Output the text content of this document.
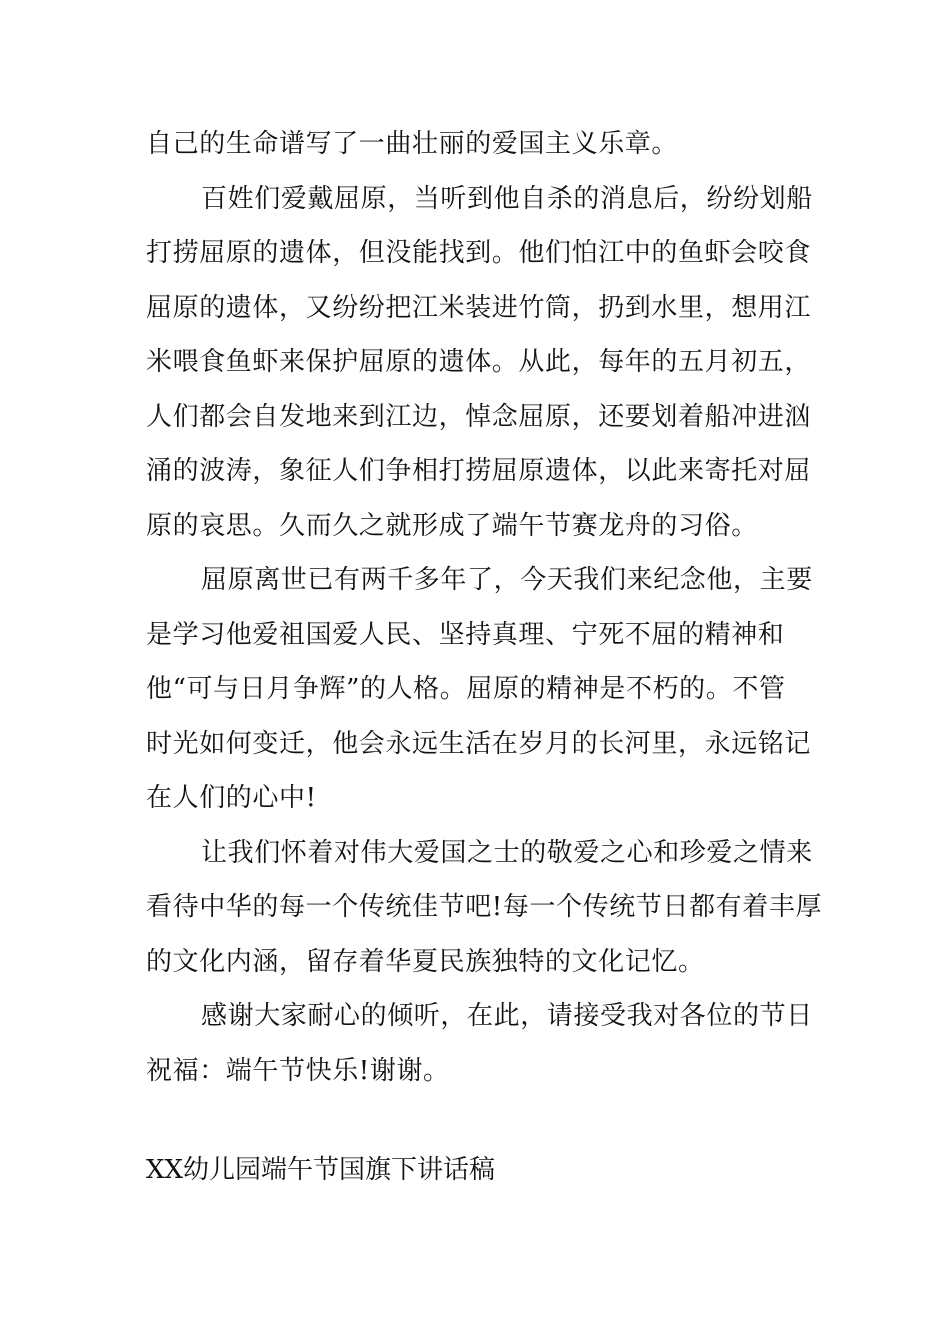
自己的生命谱写了一曲壮丽的爱国主义乐章。

百姓们爱戴屈原，当听到他自杀的消息后，纷纷划船
打捞屈原的遗体，但没能找到。他们怕江中的鱼虾会咬食
屈原的遗体，又纷纷把江米装进竹筒，扔到水里，想用江
米喂食鱼虾来保护屈原的遗体。从此，每年的五月初五，
人们都会自发地来到江边，悼念屈原，还要划着船冲进汹
涌的波涛，象征人们争相打捞屈原遗体，以此来寄托对屈
原的哀思。久而久之就形成了端午节赛龙舟的习俗。

屈原离世已有两千多年了，今天我们来纪念他，主要
是学习他爱祖国爱人民、坚持真理、宁死不屈的精神和
他“可与日月争辉”的人格。屈原的精神是不朽的。不管
时光如何变迁，他会永远生活在岁月的长河里，永远铭记
在人们的心中!

让我们怀着对伟大爱国之士的敬爱之心和珍爱之情来
看待中华的每一个传统佳节吧!每一个传统节日都有着丰厚
的文化内涵，留存着华夏民族独特的文化记忆。

感谢大家耐心的倾听，在此，请接受我对各位的节日
祝福：端午节快乐!谢谢。

XX幼儿园端午节国旗下讲话稿
